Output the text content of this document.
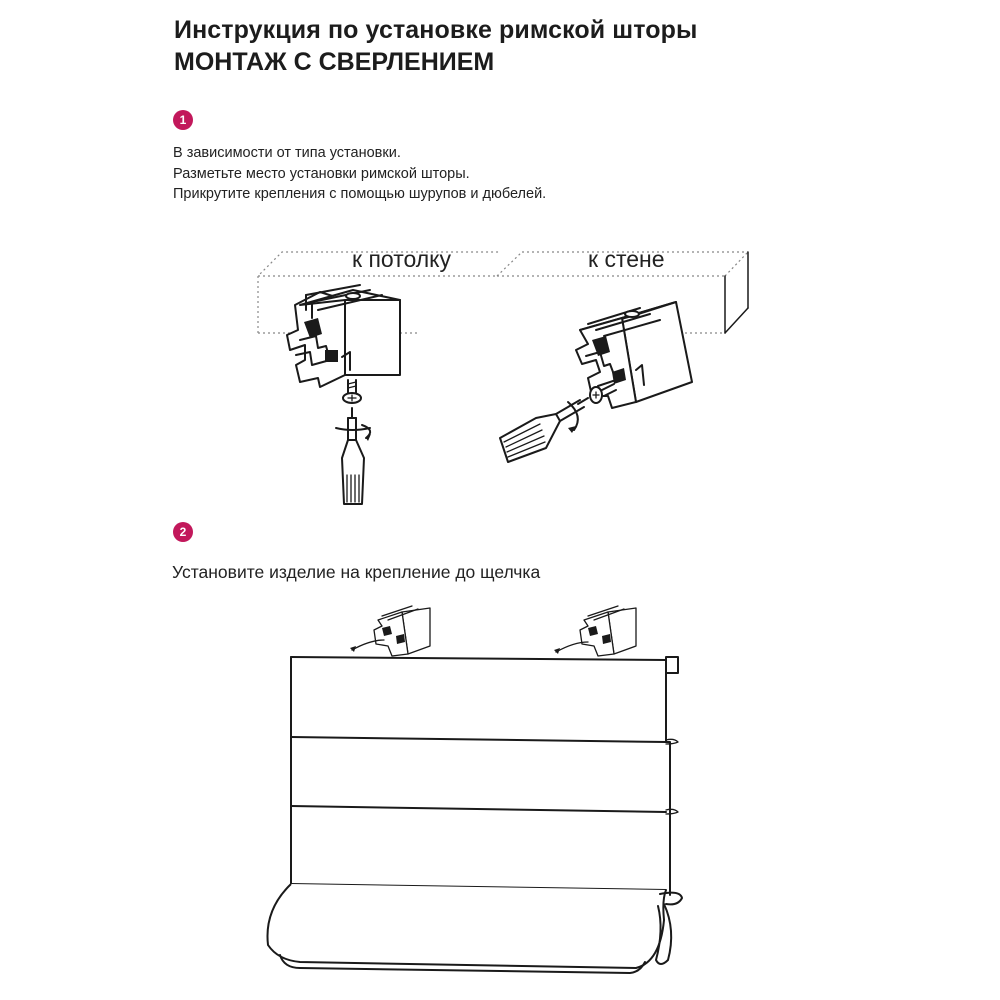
Инструкция по установке римской шторы
МОНТАЖ С СВЕРЛЕНИЕМ
1
В зависимости от типа установки.
Разметьте место установки римской шторы.
Прикрутите крепления с помощью шурупов и дюбелей.
к потолку	к стене
2
Установите изделие на крепление до щелчка
